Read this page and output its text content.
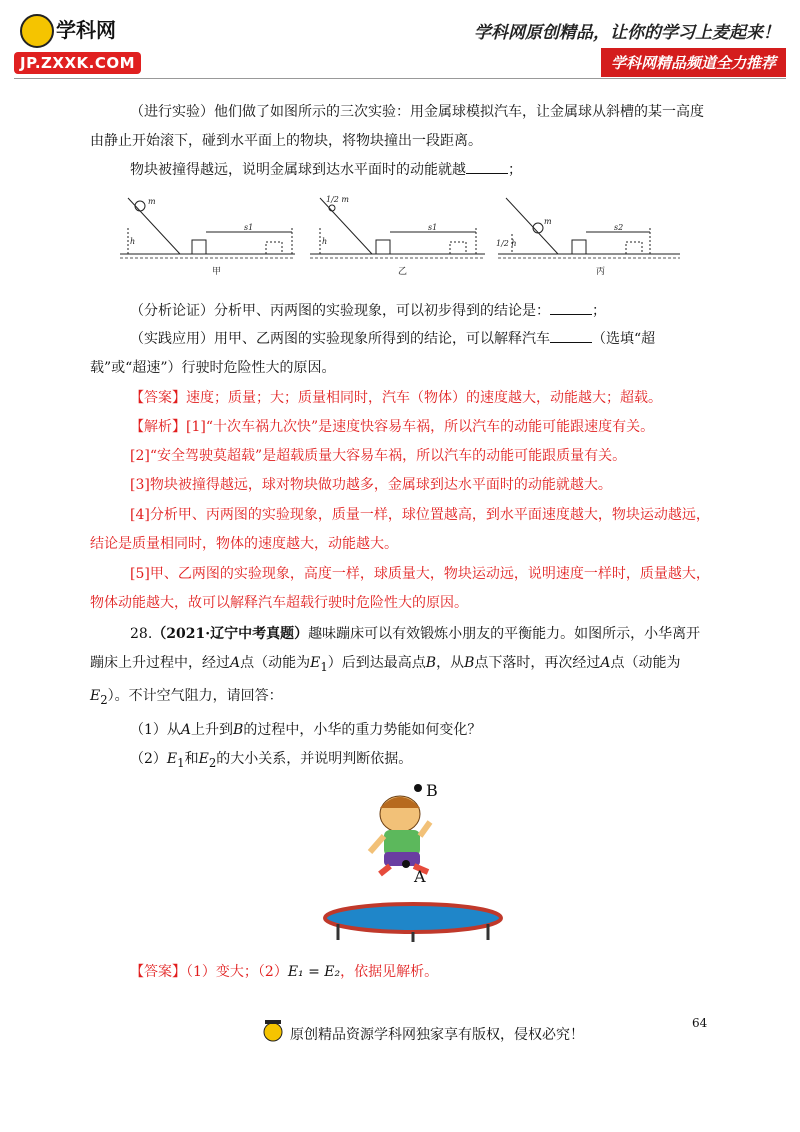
学科网
JP.ZXXK.COM
学科网原创精品，让你的学习上麦起来！
学科网精品频道全力推荐
（进行实验）他们做了如图所示的三次实验：用金属球模拟汽车，让金属球从斜槽的某一高度由静止开始滚下，碰到水平面上的物块，将物块撞出一段距离。
物块被撞得越远，说明金属球到达水平面时的动能就越	；
m
h
s1
1/2 m
h
s1
m
1/2 h
s2
甲	乙	丙
（分析论证）分析甲、丙两图的实验现象，可以初步得到的结论是：	；
（实践应用）用甲、乙两图的实验现象所得到的结论，可以解释汽车	（选填“超载”或“超速”）行驶时危险性大的原因。
【答案】速度；质量；大；质量相同时，汽车（物体）的速度越大，动能越大；超载。
【解析】[1]“十次车祸九次快”是速度快容易车祸，所以汽车的动能可能跟速度有关。
[2]“安全驾驶莫超载”是超载质量大容易车祸，所以汽车的动能可能跟质量有关。
[3]物块被撞得越远，球对物块做功越多，金属球到达水平面时的动能就越大。
[4]分析甲、丙两图的实验现象，质量一样，球位置越高，到水平面速度越大，物块运动越远，结论是质量相同时，物体的速度越大，动能越大。
[5]甲、乙两图的实验现象，高度一样，球质量大，物块运动远，说明速度一样时，质量越大，物体动能越大，故可以解释汽车超载行驶时危险性大的原因。
28.（2021·辽宁中考真题）趣味蹦床可以有效锻炼小朋友的平衡能力。如图所示，小华离开蹦床上升过程中，经过A点（动能为$E_1$）后到达最高点B，从B点下落时，再次经过A点（动能为$E_2$）。不计空气阻力，请回答：
（1）从A上升到B的过程中，小华的重力势能如何变化？
$(2)E_1$和$E_2$的大小关系，并说明判断依据。
B
A
【答案】（1）变大；（2）E₁ = E₂，依据见解析。
原创精品资源学科网独家享有版权，侵权必究！
64
